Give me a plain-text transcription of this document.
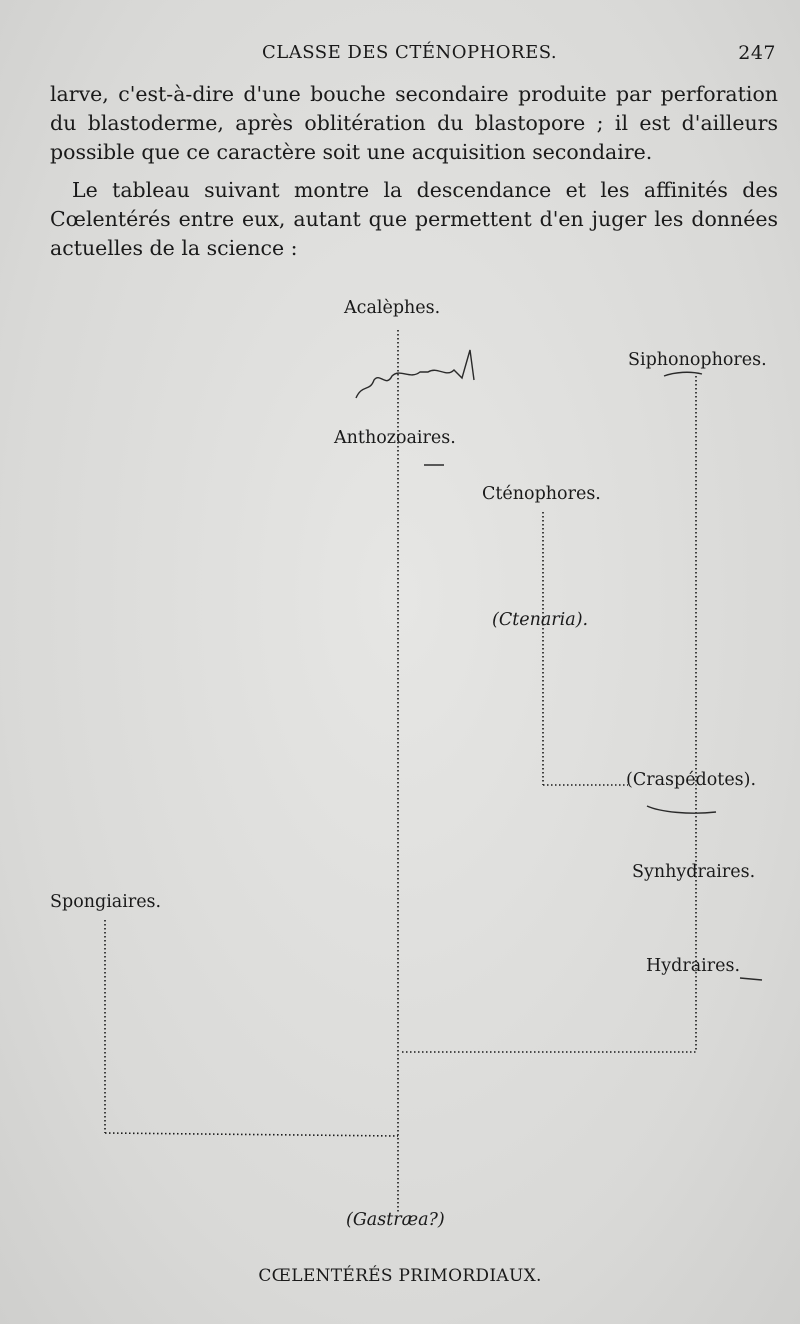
CLASSE DES CTÉNOPHORES.	247

larve, c'est-à-dire d'une bouche secondaire produite par perforation du blastoderme, après oblitération du blastopore ; il est d'ailleurs possible que ce caractère soit une acquisition secondaire.

Le tableau suivant montre la descendance et les affinités des Cœlentérés entre eux, autant que permettent d'en juger les données actuelles de la science :

Acalèphes.
Siphonophores.
Anthozoaires.
Cténophores.
(Ctenaria).
(Craspédotes).
Synhydraires.
Spongiaires.
Hydraires.
(Gastræa?)
CŒLENTÉRÉS PRIMORDIAUX.
